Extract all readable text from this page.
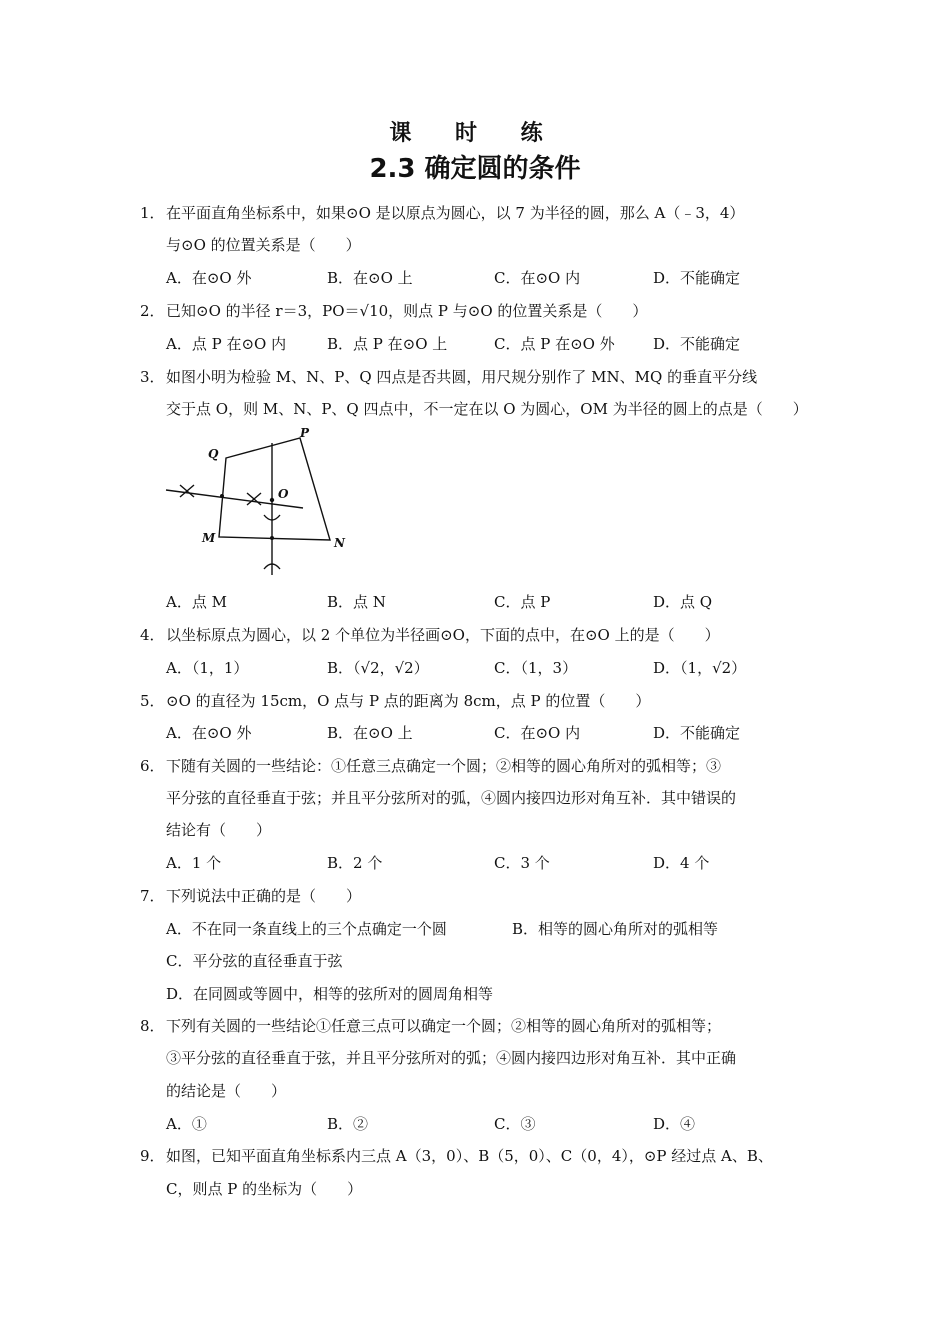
课 时 练
2.3 确定圆的条件
1． 在平面直角坐标系中，如果⊙O 是以原点为圆心，以 7 为半径的圆，那么 A（﹣3，4）
与⊙O 的位置关系是（　　）
A．在⊙O 外	B．在⊙O 上	C．在⊙O 内	D．不能确定
2． 已知⊙O 的半径 r＝3，PO＝√10，则点 P 与⊙O 的位置关系是（　　）
A．点 P 在⊙O 内	B．点 P 在⊙O 上	C．点 P 在⊙O 外	D．不能确定
3． 如图小明为检验 M、N、P、Q 四点是否共圆，用尺规分别作了 MN、MQ 的垂直平分线
交于点 O，则 M、N、P、Q 四点中，不一定在以 O 为圆心，OM 为半径的圆上的点是（　　）
Q
P
O
M	N
A．点 M	B．点 N	C．点 P	D．点 Q
4． 以坐标原点为圆心，以 2 个单位为半径画⊙O，下面的点中，在⊙O 上的是（　　）
A．（1，1）	B．（√2，√2）	C．（1，3）	D．（1，√2）
5． ⊙O 的直径为 15cm，O 点与 P 点的距离为 8cm，点 P 的位置（　　）
A．在⊙O 外	B．在⊙O 上	C．在⊙O 内	D．不能确定
6． 下随有关圆的一些结论：①任意三点确定一个圆；②相等的圆心角所对的弧相等；③
平分弦的直径垂直于弦；并且平分弦所对的弧，④圆内接四边形对角互补．其中错误的
结论有（　　）
A．1 个	B．2 个	C．3 个	D．4 个
7． 下列说法中正确的是（　　）
A．不在同一条直线上的三个点确定一个圆	B．相等的圆心角所对的弧相等
C．平分弦的直径垂直于弦
D．在同圆或等圆中，相等的弦所对的圆周角相等
8． 下列有关圆的一些结论①任意三点可以确定一个圆；②相等的圆心角所对的弧相等；
③平分弦的直径垂直于弦，并且平分弦所对的弧；④圆内接四边形对角互补．其中正确
的结论是（　　）
A．①	B．②	C．③	D．④
9． 如图，已知平面直角坐标系内三点 A（3，0）、B（5，0）、C（0，4），⊙P 经过点 A、B、
C，则点 P 的坐标为（　　）
